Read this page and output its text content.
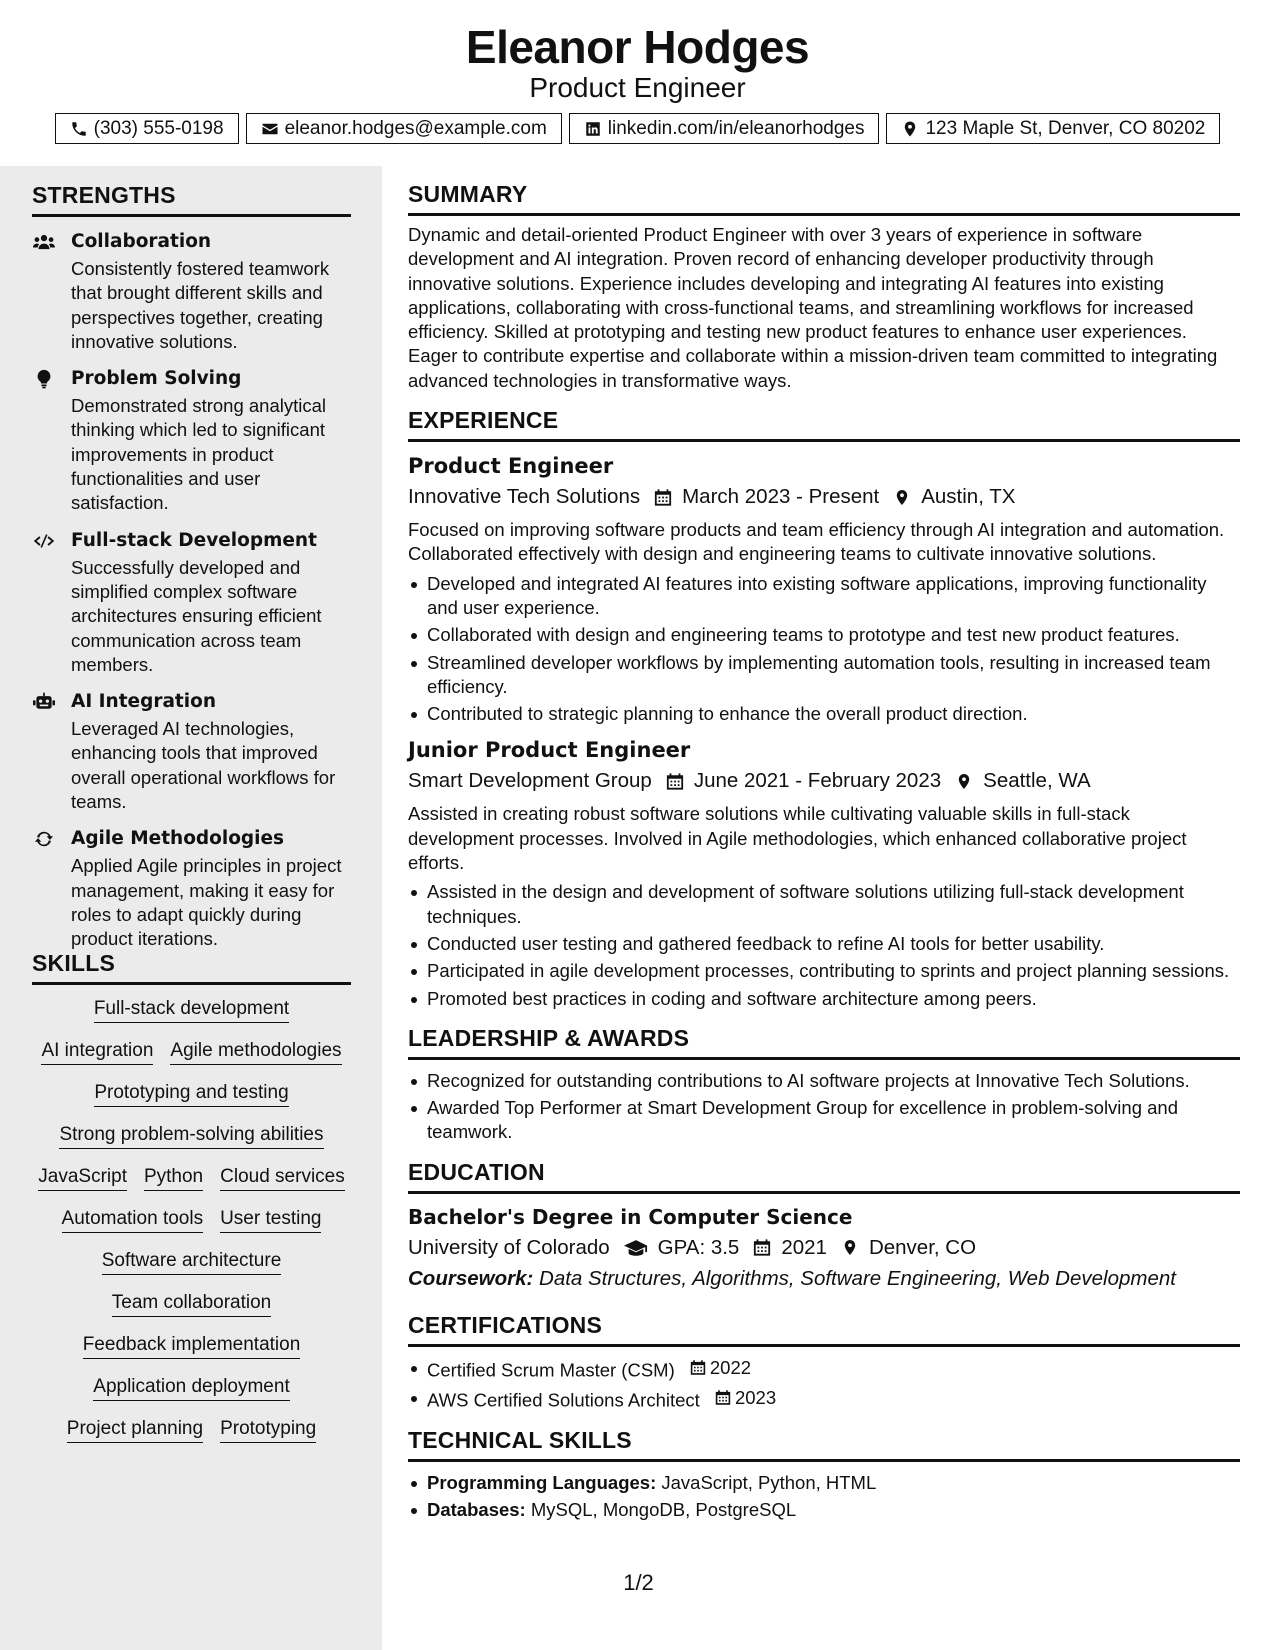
Eleanor Hodges
Product Engineer
(303) 555-0198	eleanor.hodges@example.com	linkedin.com/in/eleanorhodges	123 Maple St, Denver, CO 80202
STRENGTHS
Collaboration
Consistently fostered teamwork that brought different skills and perspectives together, creating innovative solutions.
Problem Solving
Demonstrated strong analytical thinking which led to significant improvements in product functionalities and user satisfaction.
Full-stack Development
Successfully developed and simplified complex software architectures ensuring efficient communication across team members.
AI Integration
Leveraged AI technologies, enhancing tools that improved overall operational workflows for teams.
Agile Methodologies
Applied Agile principles in project management, making it easy for roles to adapt quickly during product iterations.
SKILLS
Full-stack development
AI integration Agile methodologies
Prototyping and testing
Strong problem-solving abilities
JavaScript Python Cloud services
Automation tools User testing
Software architecture
Team collaboration
Feedback implementation
Application deployment
Project planning Prototyping
SUMMARY
Dynamic and detail-oriented Product Engineer with over 3 years of experience in software development and AI integration. Proven record of enhancing developer productivity through innovative solutions. Experience includes developing and integrating AI features into existing applications, collaborating with cross-functional teams, and streamlining workflows for increased efficiency. Skilled at prototyping and testing new product features to enhance user experiences. Eager to contribute expertise and collaborate within a mission-driven team committed to integrating advanced technologies in transformative ways.
EXPERIENCE
Product Engineer
Innovative Tech Solutions March 2023 - Present Austin, TX
Focused on improving software products and team efficiency through AI integration and automation. Collaborated effectively with design and engineering teams to cultivate innovative solutions.
Developed and integrated AI features into existing software applications, improving functionality and user experience.
Collaborated with design and engineering teams to prototype and test new product features.
Streamlined developer workflows by implementing automation tools, resulting in increased team efficiency.
Contributed to strategic planning to enhance the overall product direction.
Junior Product Engineer
Smart Development Group June 2021 - February 2023 Seattle, WA
Assisted in creating robust software solutions while cultivating valuable skills in full-stack development processes. Involved in Agile methodologies, which enhanced collaborative project efforts.
Assisted in the design and development of software solutions utilizing full-stack development techniques.
Conducted user testing and gathered feedback to refine AI tools for better usability.
Participated in agile development processes, contributing to sprints and project planning sessions.
Promoted best practices in coding and software architecture among peers.
LEADERSHIP & AWARDS
Recognized for outstanding contributions to AI software projects at Innovative Tech Solutions.
Awarded Top Performer at Smart Development Group for excellence in problem-solving and teamwork.
EDUCATION
Bachelor's Degree in Computer Science
University of Colorado GPA: 3.5 2021 Denver, CO
Coursework: Data Structures, Algorithms, Software Engineering, Web Development
CERTIFICATIONS
Certified Scrum Master (CSM) 2022
AWS Certified Solutions Architect 2023
TECHNICAL SKILLS
Programming Languages: JavaScript, Python, HTML
Databases: MySQL, MongoDB, PostgreSQL
1/2
